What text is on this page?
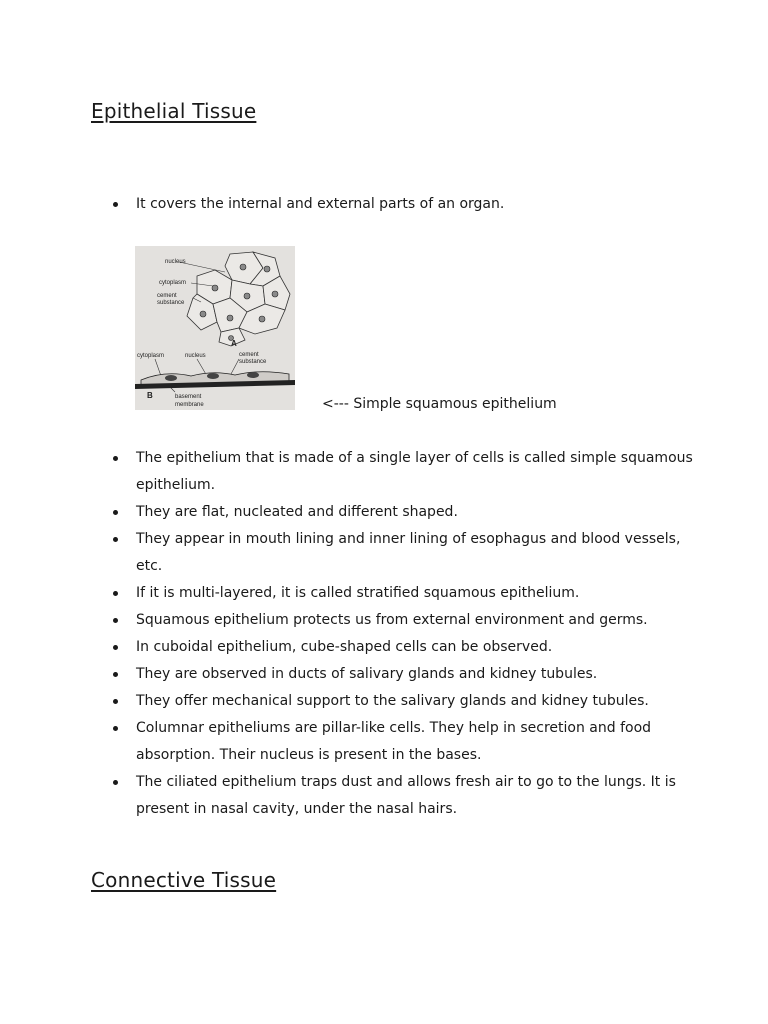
Epithelial Tissue
It covers the internal and external parts of an organ.
nucleus
cytoplasm
cement
substance
A
cytoplasm	nucleus	cement
substance
B	basement
membrane	<--- Simple squamous epithelium
The epithelium that is made of a single layer of cells is called simple squamous epithelium.
They are flat, nucleated and different shaped.
They appear in mouth lining and inner lining of esophagus and blood vessels, etc.
If it is multi-layered, it is called stratified squamous epithelium.
Squamous epithelium protects us from external environment and germs.
In cuboidal epithelium, cube-shaped cells can be observed.
They are observed in ducts of salivary glands and kidney tubules.
They offer mechanical support to the salivary glands and kidney tubules.
Columnar epitheliums are pillar-like cells. They help in secretion and food absorption. Their nucleus is present in the bases.
The ciliated epithelium traps dust and allows fresh air to go to the lungs. It is present in nasal cavity, under the nasal hairs.
Connective Tissue
